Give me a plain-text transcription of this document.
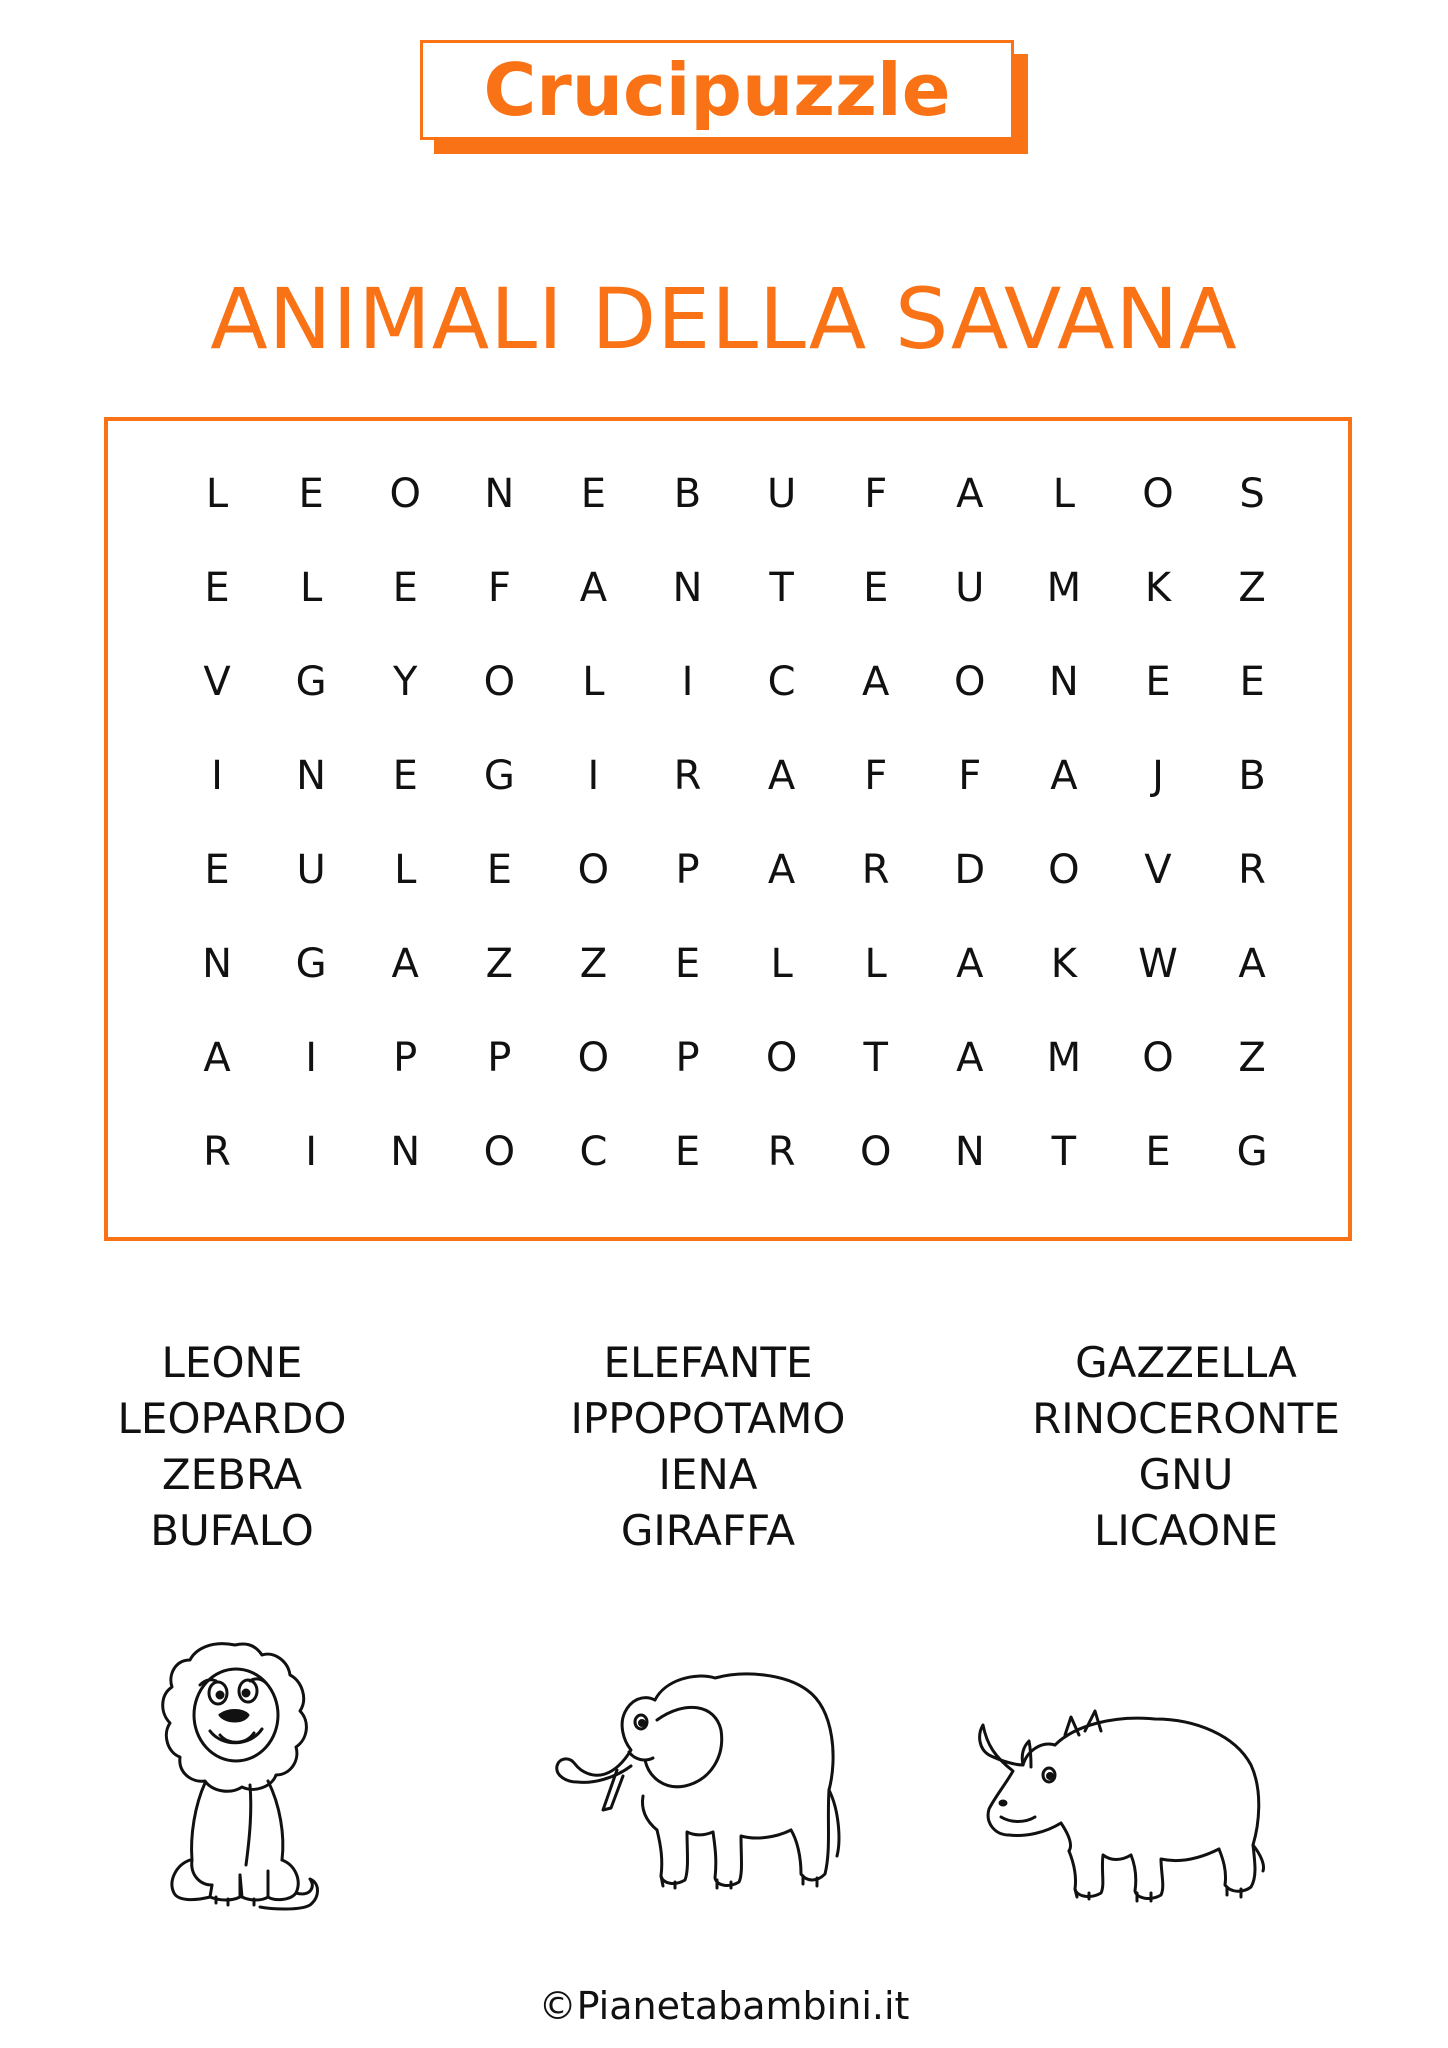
Crucipuzzle
ANIMALI DELLA SAVANA
L	E	O	N	E	B	U	F	A	L	O	S
E	L	E	F	A	N	T	E	U	M	K	Z
V	G	Y	O	L	I	C	A	O	N	E	E
I	N	E	G	I	R	A	F	F	A	J	B
E	U	L	E	O	P	A	R	D	O	V	R
N	G	A	Z	Z	E	L	L	A	K	W	A
A	I	P	P	O	P	O	T	A	M	O	Z
R	I	N	O	C	E	R	O	N	T	E	G
LEONE
LEOPARDO
ZEBRA
BUFALO
ELEFANTE
IPPOPOTAMO
IENA
GIRAFFA
GAZZELLA
RINOCERONTE
GNU
LICAONE
©Pianetabambini.it
